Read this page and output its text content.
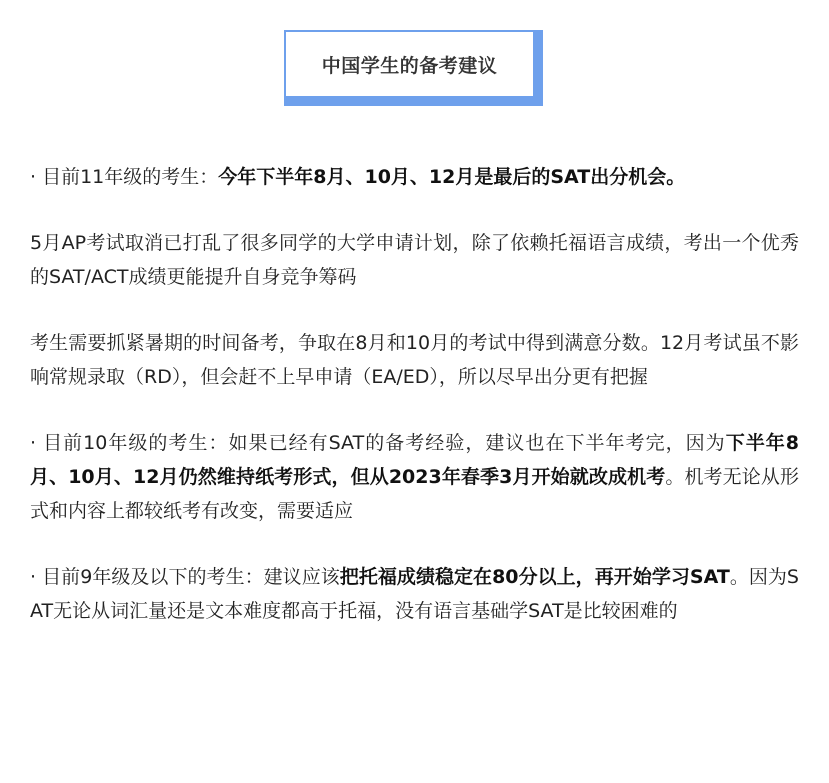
中国学生的备考建议

· 目前11年级的考生：今年下半年8月、10月、12月是最后的SAT出分机会。

5月AP考试取消已打乱了很多同学的大学申请计划，除了依赖托福语言成绩，考出一个优秀的SAT/ACT成绩更能提升自身竞争筹码

考生需要抓紧暑期的时间备考，争取在8月和10月的考试中得到满意分数。12月考试虽不影响常规录取（RD），但会赶不上早申请（EA/ED），所以尽早出分更有把握

· 目前10年级的考生：如果已经有SAT的备考经验，建议也在下半年考完，因为下半年8月、10月、12月仍然维持纸考形式，但从2023年春季3月开始就改成机考。机考无论从形式和内容上都较纸考有改变，需要适应

· 目前9年级及以下的考生：建议应该把托福成绩稳定在80分以上，再开始学习SAT。因为SAT无论从词汇量还是文本难度都高于托福，没有语言基础学SAT是比较困难的
